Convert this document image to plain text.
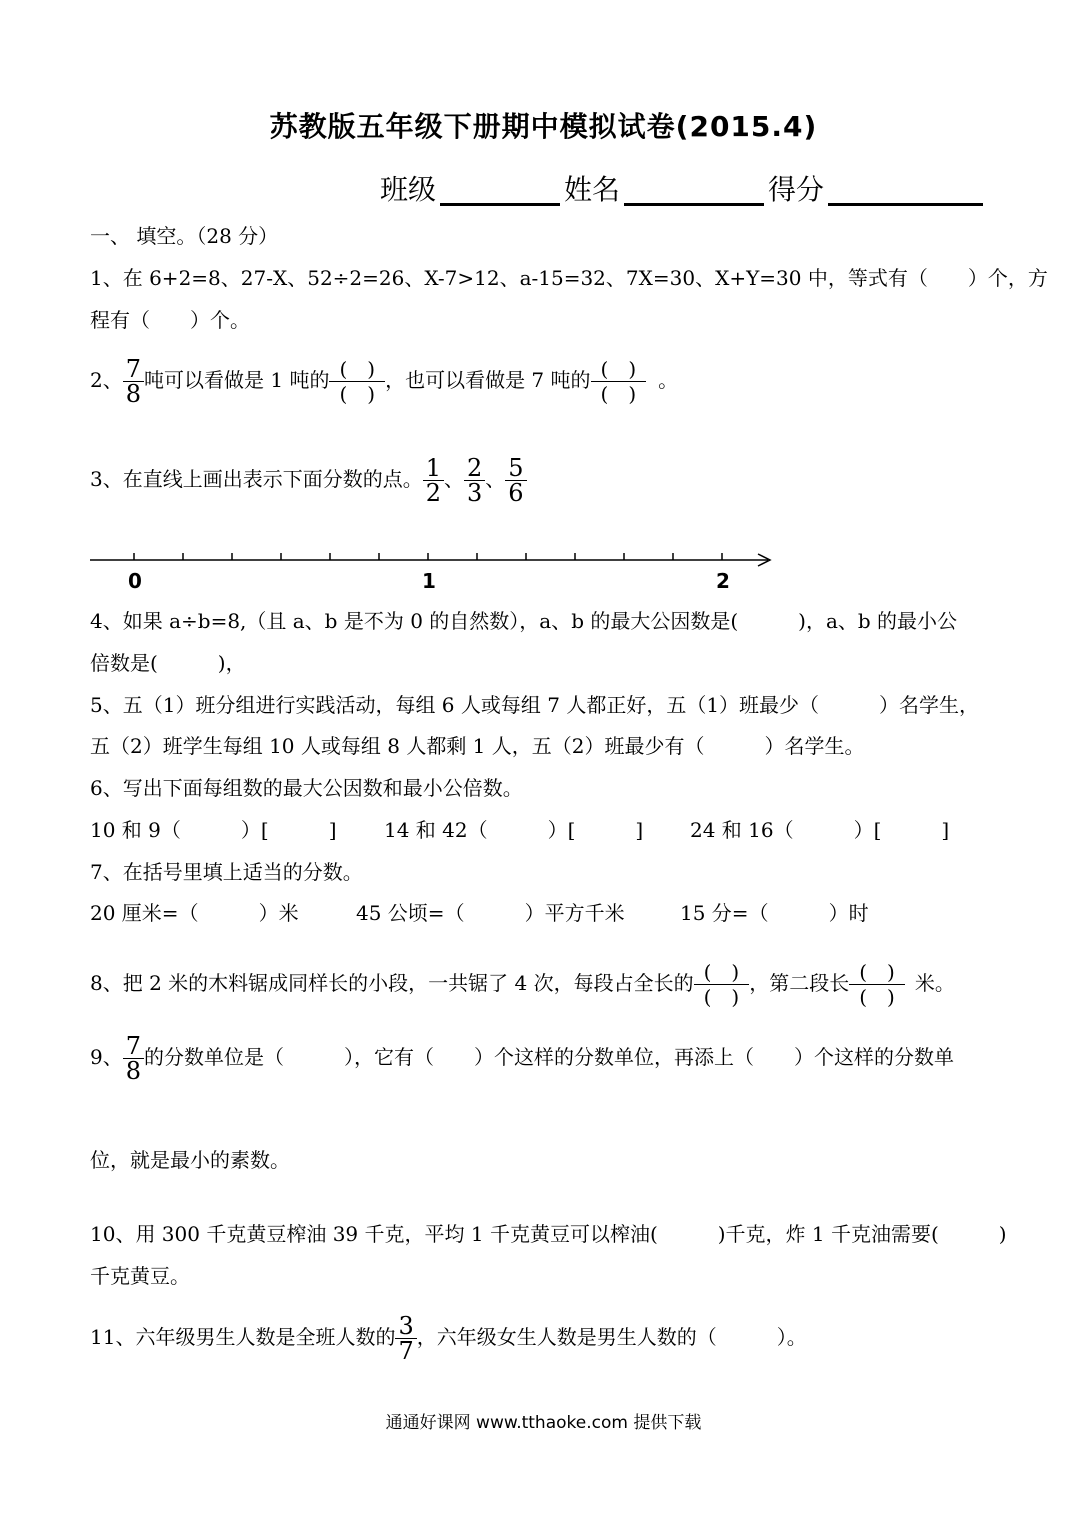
苏教版五年级下册期中模拟试卷(2015.4)
班级	姓名	得分
一、 填空。（28 分）
1、在 6+2=8、27-X、52÷2=26、X-7>12、a-15=32、7X=30、X+Y=30 中，等式有（　　）个，方
程有（　　）个。
2、 $\frac{7}{8}$ 吨可以看做是 1 吨的 $\frac{( )}{( )}$ ，也可以看做是 7 吨的 $\frac{( )}{( )}$ 。
3、在直线上画出表示下面分数的点。 $\frac{1}{2}$ 、 $\frac{2}{3}$ 、 $\frac{5}{6}$
0	1	2
4、如果 a÷b=8,（且 a、b 是不为 0 的自然数），a、b 的最大公因数是(　　　)，a、b 的最小公
倍数是(　　　)，
5、五（1）班分组进行实践活动，每组 6 人或每组 7 人都正好，五（1）班最少（　　　）名学生，
五（2）班学生每组 10 人或每组 8 人都剩 1 人，五（2）班最少有（　　　）名学生。
6、写出下面每组数的最大公因数和最小公倍数。
10 和 9（　　　）[　　　] 14 和 42（　　　）[　　　] 24 和 16（　　　）[　　　]
7、在括号里填上适当的分数。
20 厘米=（　　　）米	45 公顷=（　　　）平方千米	15 分=（　　　）时
8、把 2 米的木料锯成同样长的小段，一共锯了 4 次，每段占全长的 $\frac{( )}{( )}$ ，第二段长 $\frac{( )}{( )}$ 米。
9、 $\frac{7}{8}$ 的分数单位是（　　　），它有（　　）个这样的分数单位，再添上（　　）个这样的分数单
位，就是最小的素数。
10、用 300 千克黄豆榨油 39 千克，平均 1 千克黄豆可以榨油(　　　)千克，炸 1 千克油需要(　　　)
千克黄豆。
11、六年级男生人数是全班人数的 $\frac{3}{7}$ ，六年级女生人数是男生人数的（　　　）。
通通好课网 www.tthaoke.com 提供下载
